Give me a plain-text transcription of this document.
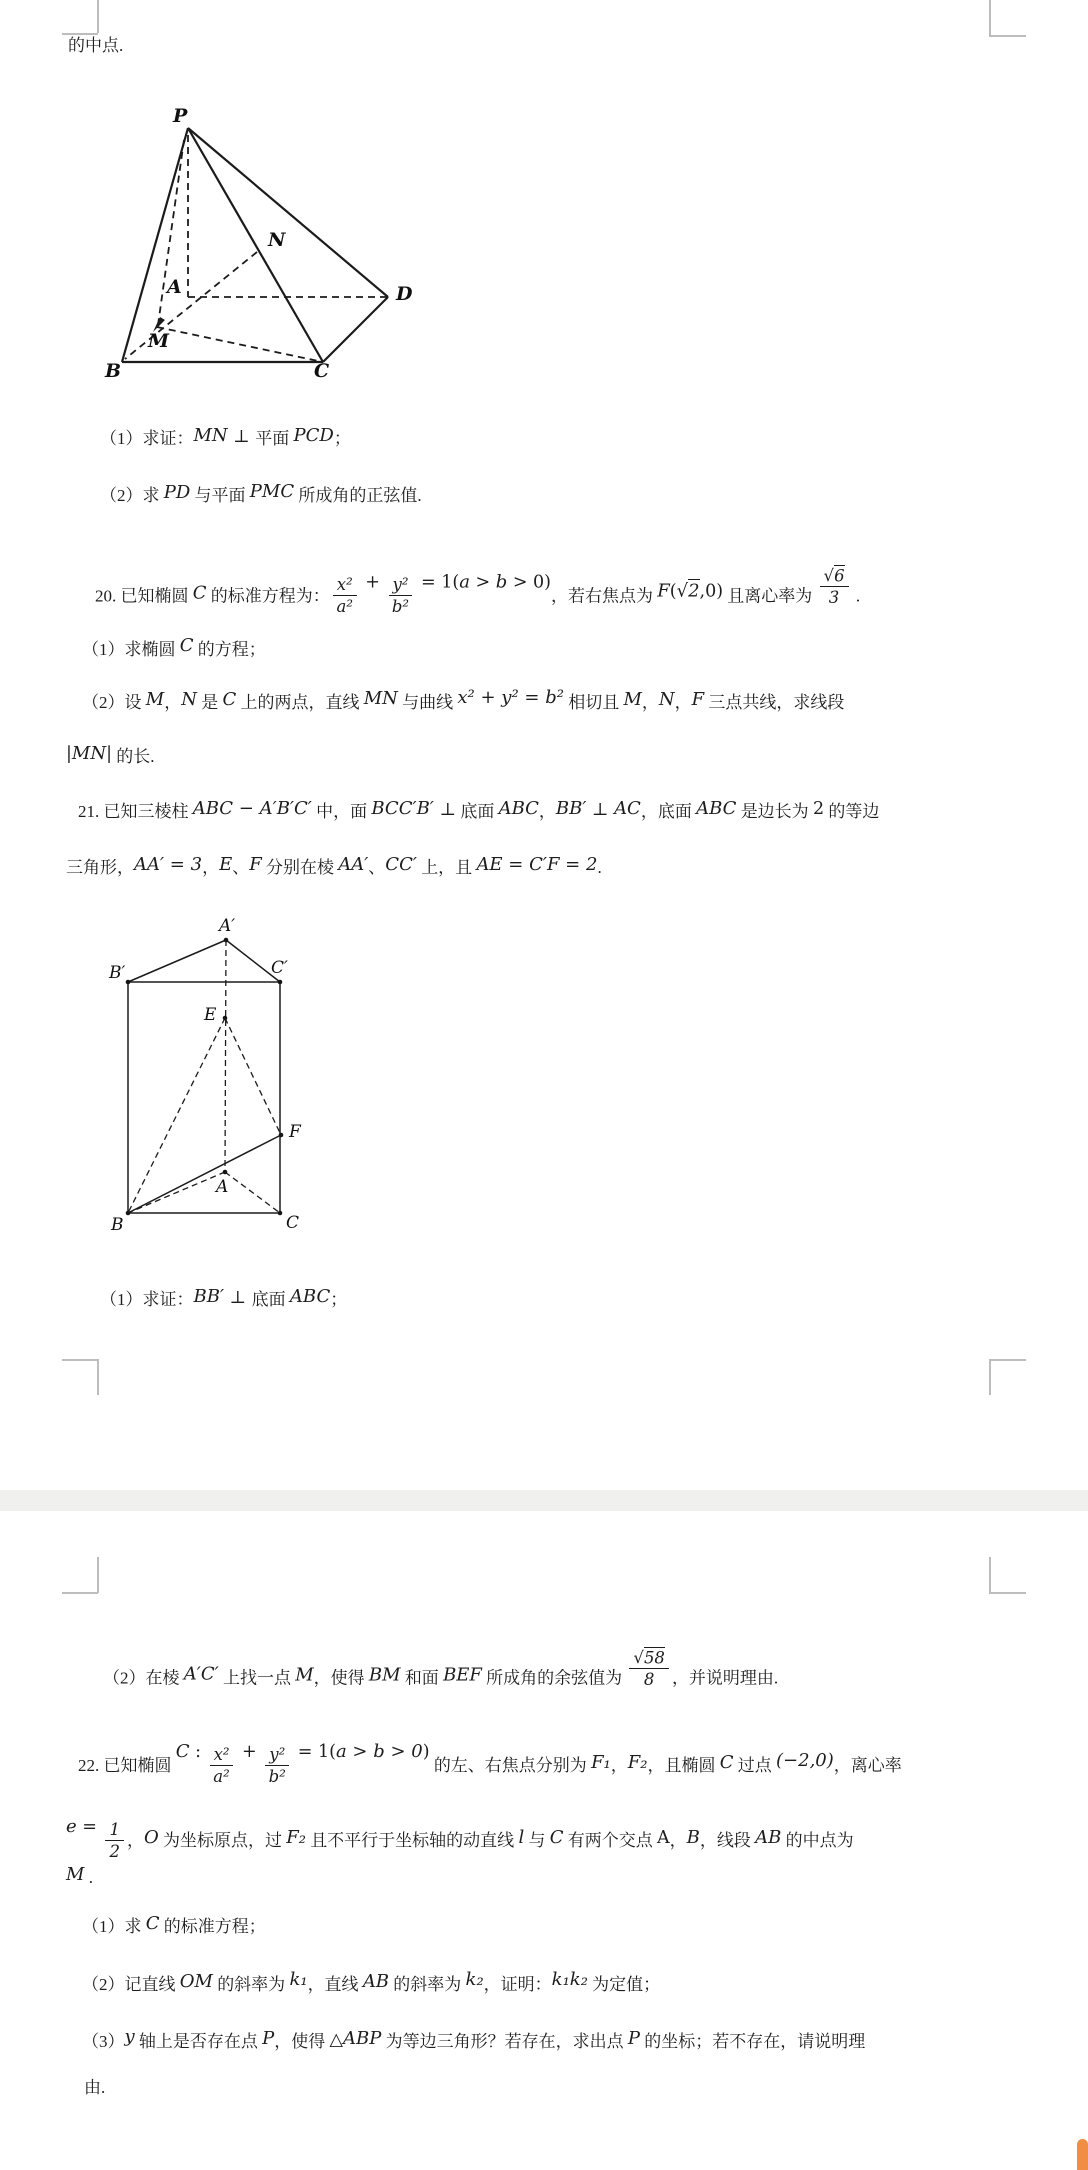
的中点.
P
N
A	D
M
B	C
（1）求证：MN ⊥ 平面 PCD；
（2）求 PD 与平面 PMC 所成角的正弦值.
20. 已知椭圆 C 的标准方程为： $\frac{\text{x²}}{\text{a²}} + \frac{\text{y²}}{\text{b²}} = 1(a > b > 0)$，若右焦点为 F(√2,0) 且离心率为 $\frac{√6}{3}$ .
（1）求椭圆 C 的方程；
（2）设 M，N 是 C 上的两点，直线 MN 与曲线 x² + y² = b² 相切且 M，N，F 三点共线，求线段
|MN| 的长.
21. 已知三棱柱 ABC − A′B′C′ 中，面 BCC′B′ ⊥ 底面 ABC，BB′ ⊥ AC，底面 ABC 是边长为 2 的等边
三角形，AA′ = 3，E、F 分别在棱 AA′、CC′ 上，且 AE = C′F = 2.
A′
B′	C′
E
F
A
B	C
（1）求证：BB′ ⊥ 底面 ABC；
（2）在棱 A′C′ 上找一点 M，使得 BM 和面 BEF 所成角的余弦值为 $\frac{√58}{8}$ ，并说明理由.
22. 已知椭圆 C : $\frac{\text{x²}}{\text{a²}} + \frac{\text{y²}}{\text{b²}} = 1(a > b > 0)$ 的左、右焦点分别为 F₁，F₂，且椭圆 C 过点 (−2,0)，离心率
$e = \frac{1}{2}$ ，O 为坐标原点，过 F₂ 且不平行于坐标轴的动直线 l 与 C 有两个交点 A，B，线段 AB 的中点为
M .
（1）求 C 的标准方程；
（2）记直线 OM 的斜率为 k₁，直线 AB 的斜率为 k₂，证明：k₁k₂ 为定值；
（3）y 轴上是否存在点 P，使得 △ABP 为等边三角形？若存在，求出点 P 的坐标；若不存在，请说明理
由.
